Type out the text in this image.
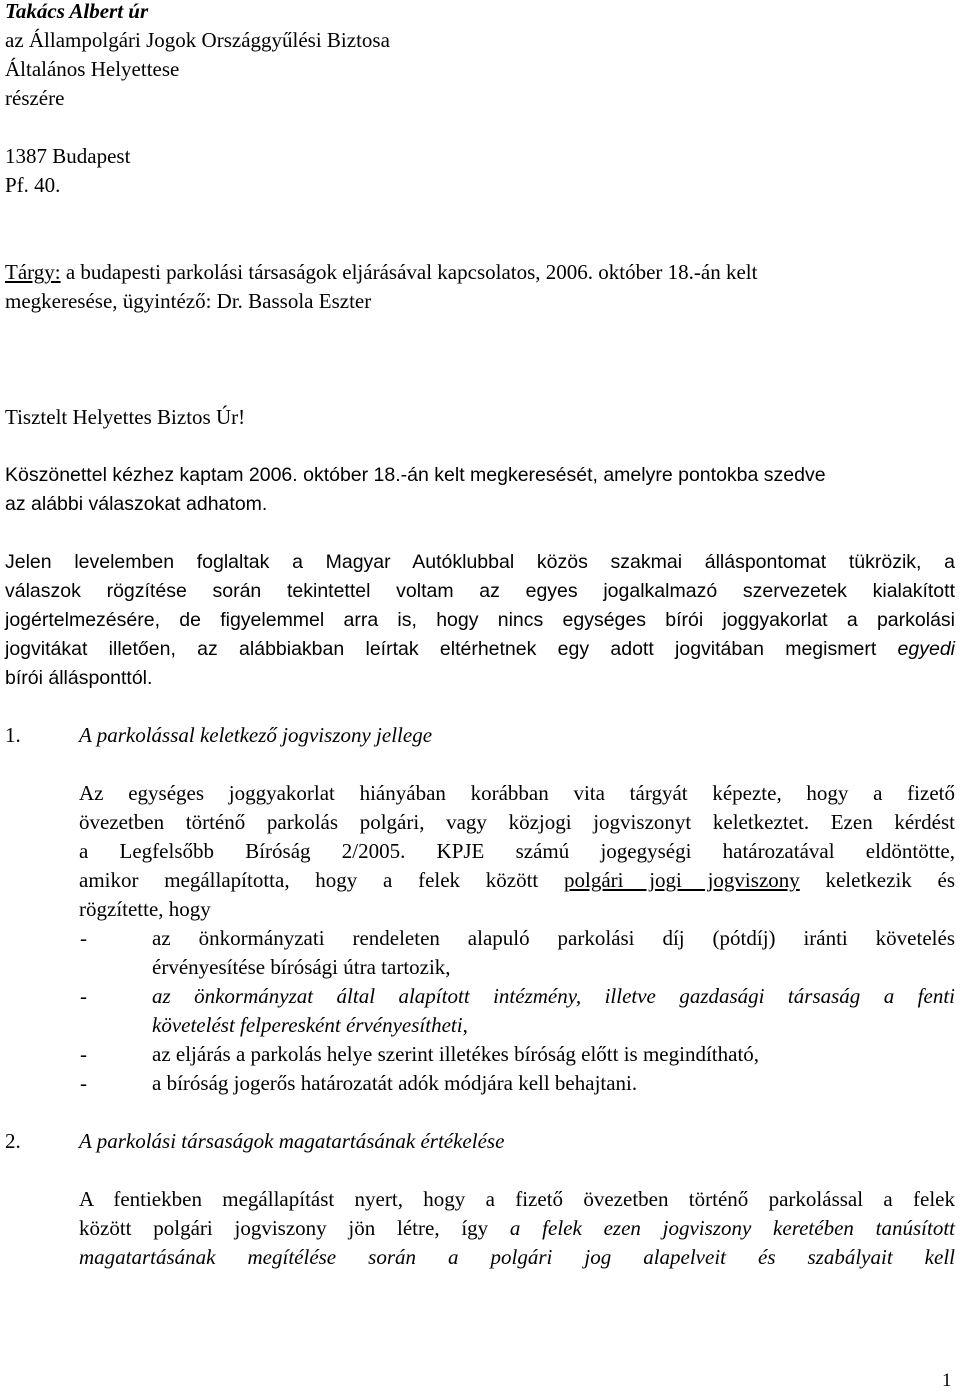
Takács Albert úr
az Állampolgári Jogok Országgyűlési Biztosa
Általános Helyettese
részére
1387 Budapest
Pf. 40.
Tárgy: a budapesti parkolási társaságok eljárásával kapcsolatos, 2006. október 18.-án kelt
megkeresése, ügyintéző: Dr. Bassola Eszter
Tisztelt Helyettes Biztos Úr!
Köszönettel kézhez kaptam 2006. október 18.-án kelt megkeresését, amelyre pontokba szedve
az alábbi válaszokat adhatom.
Jelen levelemben foglaltak a Magyar Autóklubbal közös szakmai álláspontomat tükrözik, a
válaszok rögzítése során tekintettel voltam az egyes jogalkalmazó szervezetek kialakított
jogértelmezésére, de figyelemmel arra is, hogy nincs egységes bírói joggyakorlat a parkolási
jogvitákat illetően, az alábbiakban leírtak eltérhetnek egy adott jogvitában megismert egyedi
bírói állásponttól.
1.	A parkolással keletkező jogviszony jellege
Az egységes joggyakorlat hiányában korábban vita tárgyát képezte, hogy a fizető
övezetben történő parkolás polgári, vagy közjogi jogviszonyt keletkeztet. Ezen kérdést
a Legfelsőbb Bíróság 2/2005. KPJE számú jogegységi határozatával eldöntötte,
amikor megállapította, hogy a felek között polgári jogi jogviszony keletkezik és
rögzítette, hogy
-	az önkormányzati rendeleten alapuló parkolási díj (pótdíj) iránti követelés
érvényesítése bírósági útra tartozik,
-	az önkormányzat által alapított intézmény, illetve gazdasági társaság a fenti
követelést felperesként érvényesítheti,
-	az eljárás a parkolás helye szerint illetékes bíróság előtt is megindítható,
-	a bíróság jogerős határozatát adók módjára kell behajtani.
2.	A parkolási társaságok magatartásának értékelése
A fentiekben megállapítást nyert, hogy a fizető övezetben történő parkolással a felek
között polgári jogviszony jön létre, így a felek ezen jogviszony keretében tanúsított
magatartásának megítélése során a polgári jog alapelveit és szabályait kell
1
